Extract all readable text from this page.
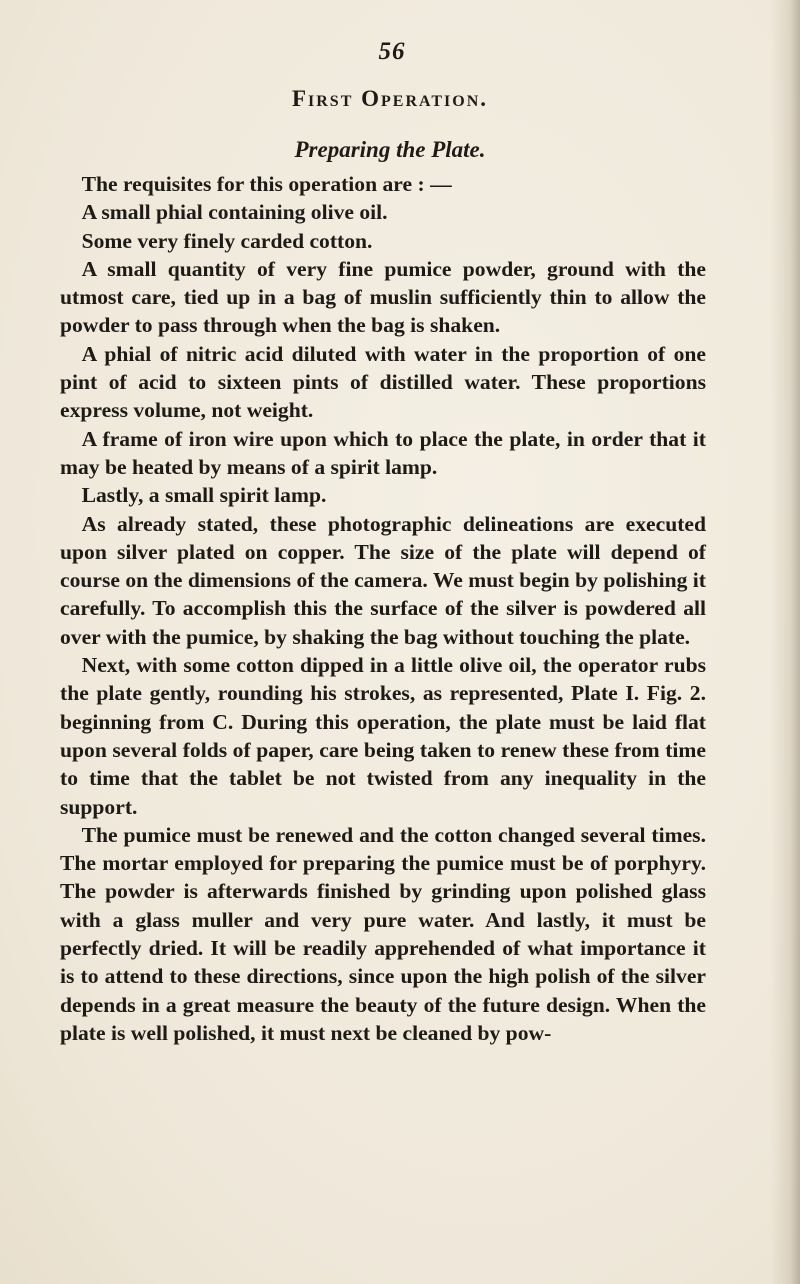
56
First Operation.
Preparing the Plate.

The requisites for this operation are : —

A small phial containing olive oil.

Some very finely carded cotton.

A small quantity of very fine pumice powder, ground with the utmost care, tied up in a bag of muslin sufficiently thin to allow the powder to pass through when the bag is shaken.

A phial of nitric acid diluted with water in the proportion of one pint of acid to sixteen pints of distilled water. These proportions express volume, not weight.

A frame of iron wire upon which to place the plate, in order that it may be heated by means of a spirit lamp.

Lastly, a small spirit lamp.

As already stated, these photographic delineations are executed upon silver plated on copper. The size of the plate will depend of course on the dimensions of the camera. We must begin by polishing it carefully. To accomplish this the surface of the silver is powdered all over with the pumice, by shaking the bag without touching the plate.

Next, with some cotton dipped in a little olive oil, the operator rubs the plate gently, rounding his strokes, as represented, Plate I. Fig. 2. beginning from C. During this operation, the plate must be laid flat upon several folds of paper, care being taken to renew these from time to time that the tablet be not twisted from any inequality in the support.

The pumice must be renewed and the cotton changed several times. The mortar employed for preparing the pumice must be of porphyry. The powder is afterwards finished by grinding upon polished glass with a glass muller and very pure water. And lastly, it must be perfectly dried. It will be readily apprehended of what importance it is to attend to these directions, since upon the high polish of the silver depends in a great measure the beauty of the future design. When the plate is well polished, it must next be cleaned by pow-
